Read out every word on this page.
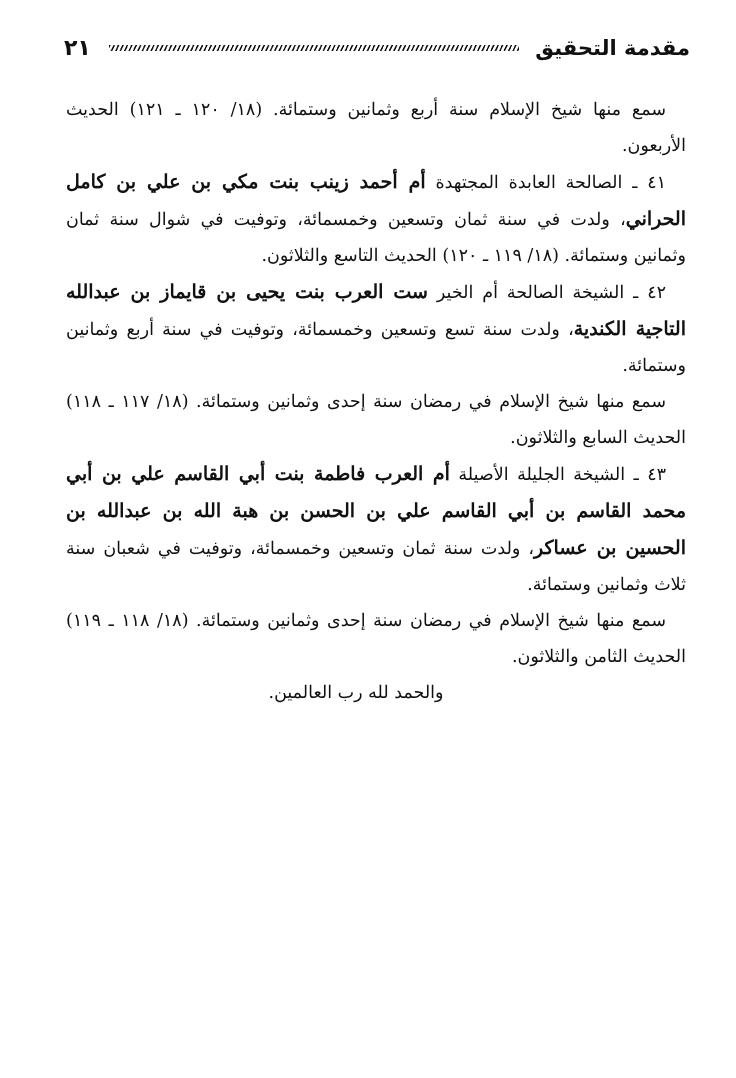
مقدمة التحقيق
٢١

سمع منها شيخ الإسلام سنة أربع وثمانين وستمائة. (١٨/ ١٢٠ ـ ١٢١) الحديث الأربعون.

٤١ ـ الصالحة العابدة المجتهدة أم أحمد زينب بنت مكي بن علي بن كامل الحراني، ولدت في سنة ثمان وتسعين وخمسمائة، وتوفيت في شوال سنة ثمان وثمانين وستمائة. (١٨/ ١١٩ ـ ١٢٠) الحديث التاسع والثلاثون.

٤٢ ـ الشيخة الصالحة أم الخير ست العرب بنت يحيى بن قايماز بن عبدالله التاجية الكندية، ولدت سنة تسع وتسعين وخمسمائة، وتوفيت في سنة أربع وثمانين وستمائة.

سمع منها شيخ الإسلام في رمضان سنة إحدى وثمانين وستمائة. (١٨/ ١١٧ ـ ١١٨) الحديث السابع والثلاثون.

٤٣ ـ الشيخة الجليلة الأصيلة أم العرب فاطمة بنت أبي القاسم علي بن أبي محمد القاسم بن أبي القاسم علي بن الحسن بن هبة الله بن عبدالله بن الحسين بن عساكر، ولدت سنة ثمان وتسعين وخمسمائة، وتوفيت في شعبان سنة ثلاث وثمانين وستمائة.

سمع منها شيخ الإسلام في رمضان سنة إحدى وثمانين وستمائة. (١٨/ ١١٨ ـ ١١٩) الحديث الثامن والثلاثون.

والحمد لله رب العالمين.
